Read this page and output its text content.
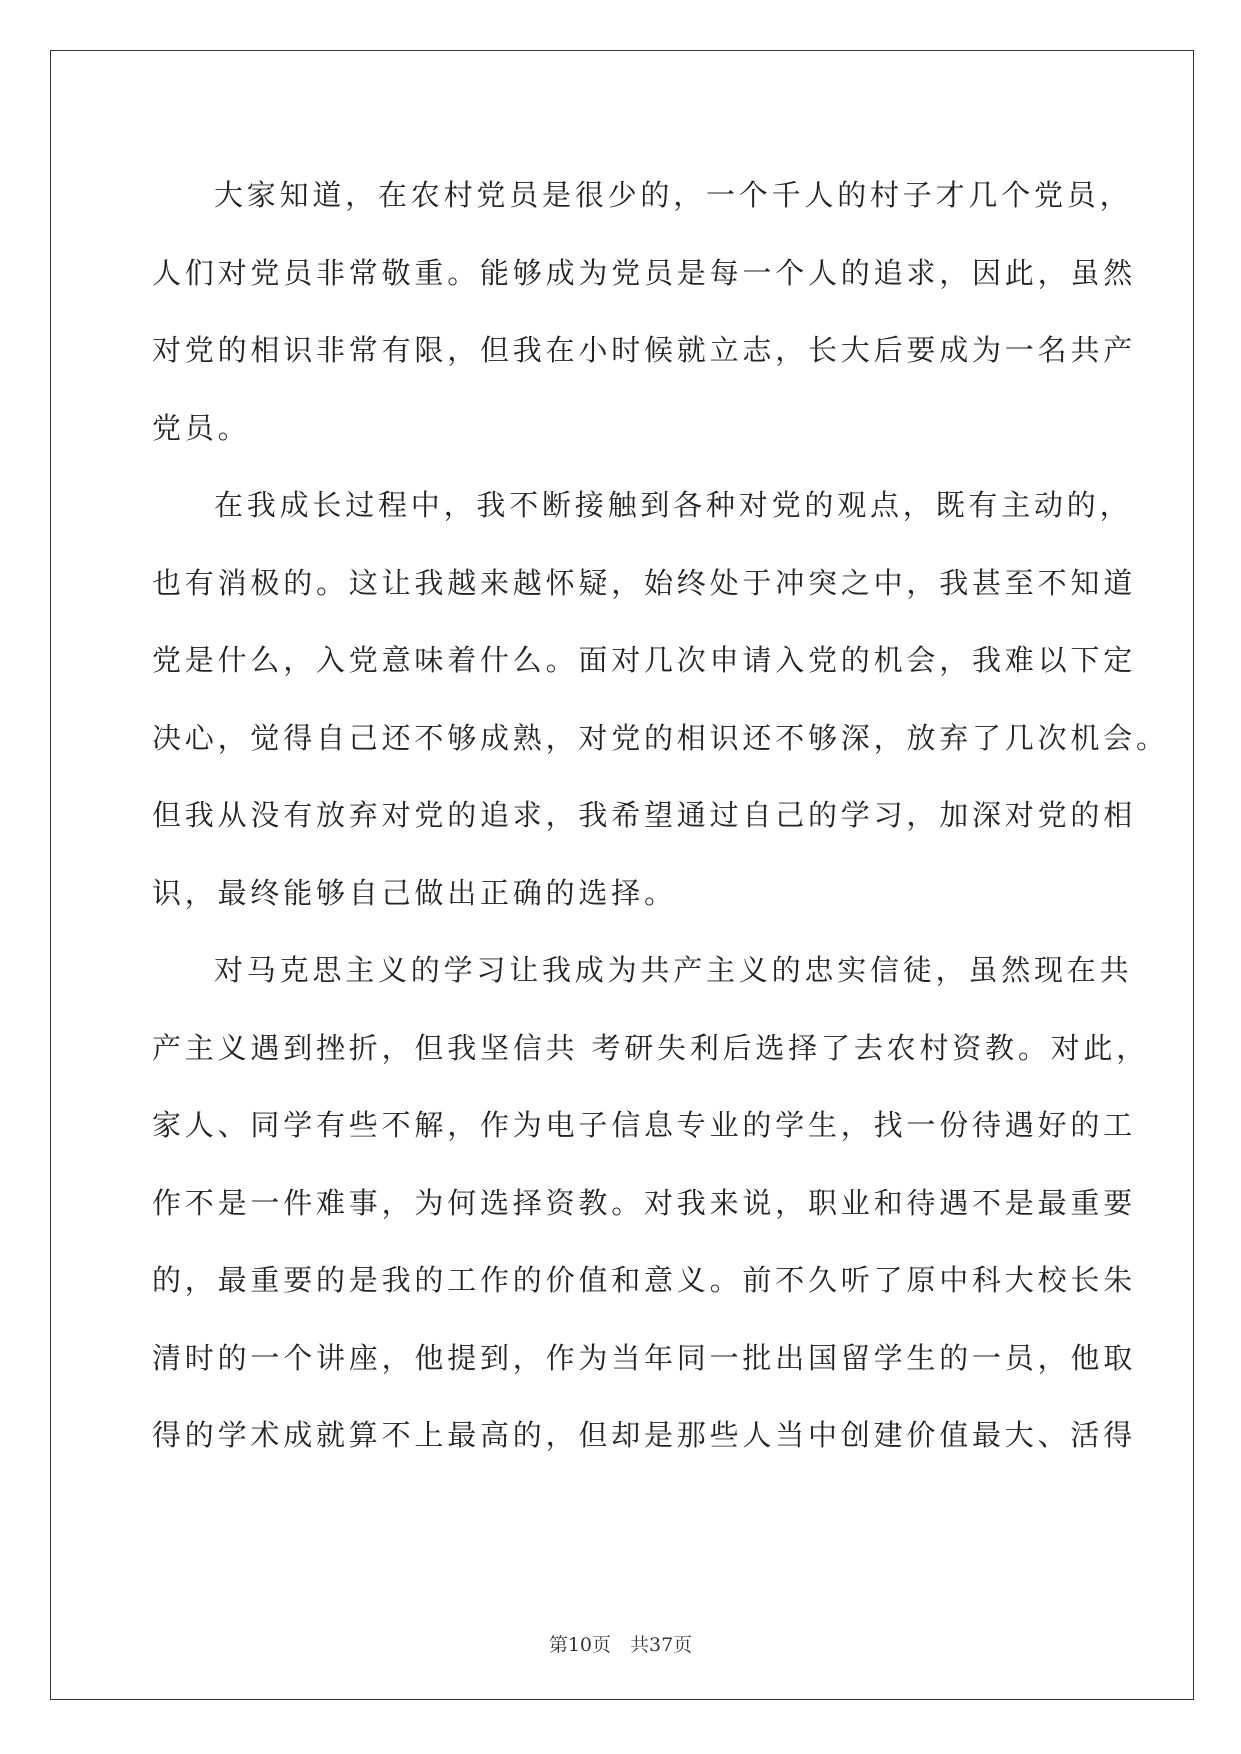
大家知道，在农村党员是很少的，一个千人的村子才几个党员，
人们对党员非常敬重。能够成为党员是每一个人的追求，因此，虽然
对党的相识非常有限，但我在小时候就立志，长大后要成为一名共产
党员。
在我成长过程中，我不断接触到各种对党的观点，既有主动的，
也有消极的。这让我越来越怀疑，始终处于冲突之中，我甚至不知道
党是什么，入党意味着什么。面对几次申请入党的机会，我难以下定
决心，觉得自己还不够成熟，对党的相识还不够深，放弃了几次机会。
但我从没有放弃对党的追求，我希望通过自己的学习，加深对党的相
识，最终能够自己做出正确的选择。
对马克思主义的学习让我成为共产主义的忠实信徒，虽然现在共
产主义遇到挫折，但我坚信共 考研失利后选择了去农村资教。对此，
家人、同学有些不解，作为电子信息专业的学生，找一份待遇好的工
作不是一件难事，为何选择资教。对我来说，职业和待遇不是最重要
的，最重要的是我的工作的价值和意义。前不久听了原中科大校长朱
清时的一个讲座，他提到，作为当年同一批出国留学生的一员，他取
得的学术成就算不上最高的，但却是那些人当中创建价值最大、活得
第10页　共37页
